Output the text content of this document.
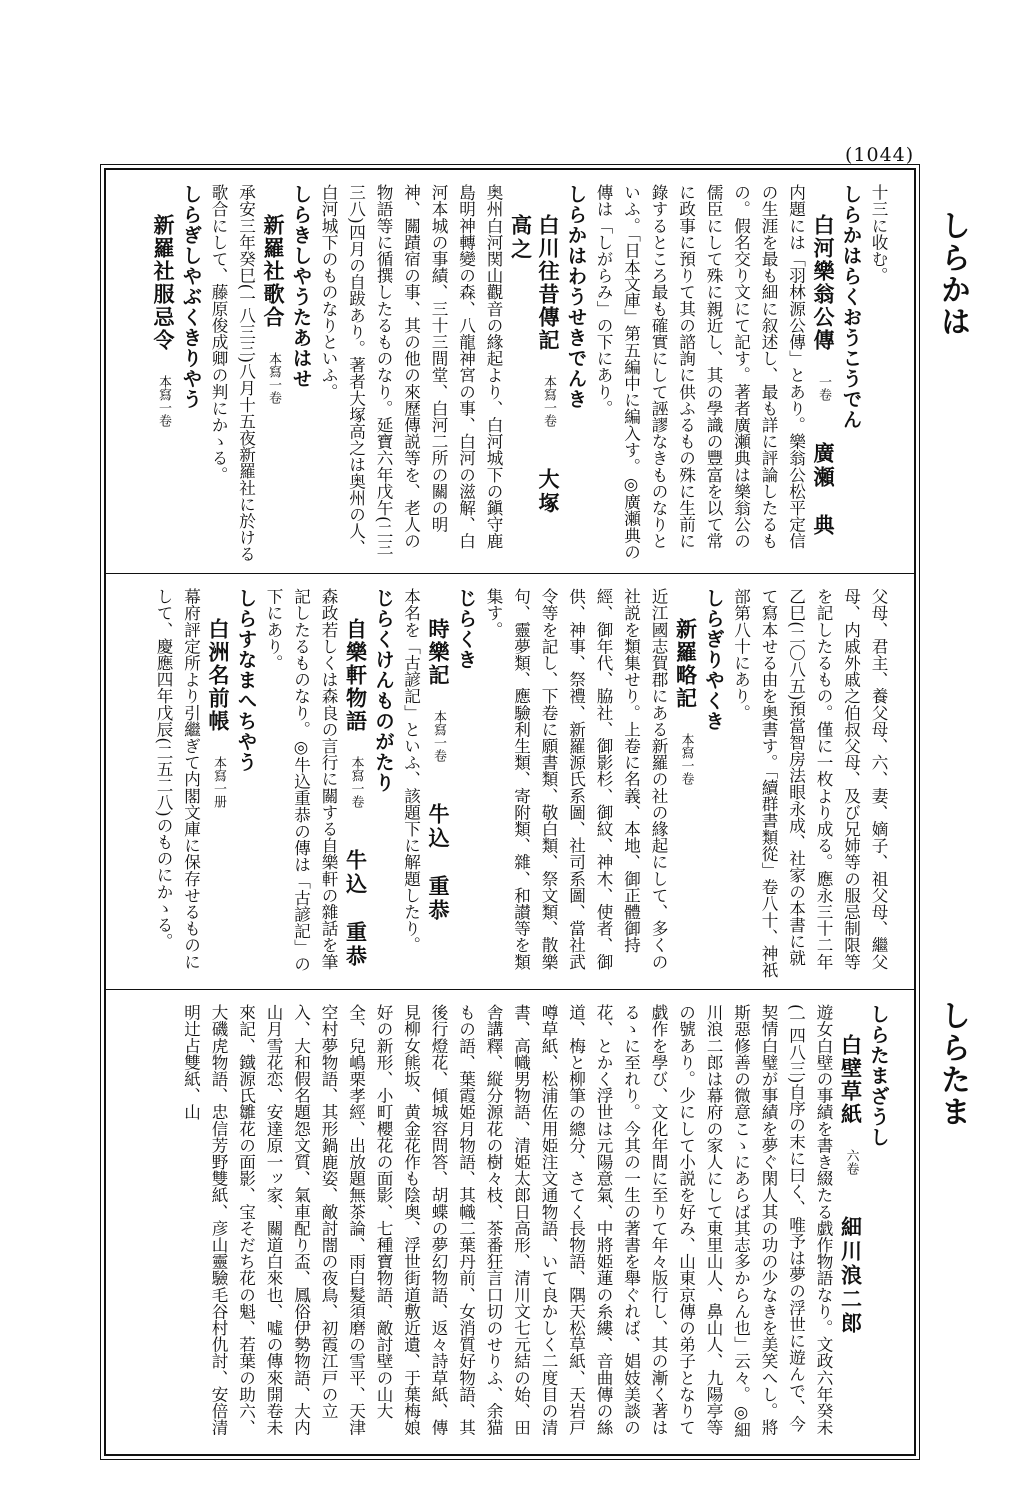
(1044)
しらかは
しらたま
十三に收む。
しらかはらくおうこうでん
白河樂翁公傳 一卷 廣瀬　典
内題には「羽林源公傳」とあり。樂翁公松平定信の生涯を最も細に叙述し、最も詳に評論したるもの。假名交り文にて記す。著者廣瀬典は樂翁公の儒臣にして殊に親近し、其の學識の豐富を以て常に政事に預りて其の諮詢に供ふるもの殊に生前に錄するところ最も確實にして誣謬なきものなりといふ。「日本文庫」第五編中に編入す。◎廣瀬典の傳は「しがらみ」の下にあり。
しらかはわうせきでんき
白川往昔傳記 本寫一卷 大塚　高之
奥州白河関山觀音の緣起より、白河城下の鎭守鹿島明神轉變の森、八龍神宮の事、白河の滋解、白河本城の事績、三十三間堂、白河二所の關の明神、關蹟宿の事、其の他の來歷傳説等を、老人の物語等に循撰したるものなり。延寶六年戊午(二三三八)四月の自跋あり。著者大塚高之は奥州の人、白河城下のものなりといふ。
しらきしやうたあはせ
新羅社歌合 本寫一卷
承安三年癸巳(一八三三)八月十五夜新羅社に於ける歌合にして、藤原俊成卿の判にかゝる。
しらぎしやぶくきりやう
新羅社服忌令 本寫一卷
父母、君主、養父母、六、妻、嫡子、祖父母、繼父母、内戚外戚之伯叔父母、及び兄姉等の服忌制限等を記したるもの。僅に一枚より成る。應永三十二年乙巳(二〇八五)預當智房法眼永成、社家の本書に就て寫本せる由を奥書す。「續群書類從」卷八十、神祇部第八十にあり。
しらぎりやくき
新羅略記 本寫一卷
近江國志賀郡にある新羅の社の緣起にして、多くの社説を類集せり。上卷に名義、本地、御正體御持經、御年代、脇社、御影杉、御紋、神木、使者、御供、神事、祭禮、新羅源氏系圖、社司系圖、當社武令等を記し、下卷に願書類、敬白類、祭文類、散樂句、靈夢類、應驗利生類、寄附類、雜、和讃等を類集す。
じらくき
時樂記 本寫一卷 牛込　重恭
本名を「古諺記」といふ、該題下に解題したり。
じらくけんものがたり
自樂軒物語 本寫一卷 牛込　重恭
森政若しくは森良の言行に關する自樂軒の雜話を筆記したるものなり。◎牛込重恭の傳は「古諺記」の下にあり。
しらすなまへちやう
白洲名前帳 本寫一册
幕府評定所より引繼ぎて内閣文庫に保存せるものにして、慶應四年戊辰(二五二八)のものにかゝる。
しらたまざうし
白壁草紙 六卷 細川浪二郎
遊女白壁の事績を書き綴たる戯作物語なり。文政六年癸未(一四八三)自序の末に曰く、唯予は夢の浮世に遊んで、今契情白璧が事績を夢ぐ閑人其の功の少なきを美笑へし。將斯惡修善の微意こゝにあらば其志多からん也」云々。◎細川浪二郎は幕府の家人にして東里山人、鼻山人、九陽亭等の號あり。少にして小説を好み、山東京傳の弟子となりて戯作を學び、文化年間に至りて年々版行し、其の漸く著はるゝに至れり。今其の一生の著書を舉ぐれば、娼妓美談の花、とかく浮世は元陽意氣、中將姫蓮の糸縷、音曲傳の絲道、梅と柳筆の總分、さてく長物語、隅天松草紙、天岩戸噂草紙、松浦佐用姫注文通物語、いて良かしく二度目の清書、高幟男物語、清姫太郎日高形、清川文七元結の始、田舎講釋、縦分源花の樹々枝、茶番狂言口切のせりふ、余猫もの語、葉霞姫月物語、其幟二葉丹前、女消質好物語、其後行燈花、傾城容問答、胡蝶の夢幻物語、返々詩草紙、傳見柳女熊坂、黄金花作も陰奥、浮世街道敷近遺、于葉梅娘好の新形、小町櫻花の面影、七種寶物語、敵討壁の山大全、兒嶋栗孝經、出放題無茶論、雨白髮須磨の雪平、天津空村夢物語、其形鍋鹿姿、敵討闇の夜鳥、初霞江戸の立入、大和假名題怨文質、氣車配り盃、鳳俗伊勢物語、大内山月雪花恋、安達原一ッ家、關道白來也、噓の傳來開卷未來記、鐡源氏雛花の面影、宝そだち花の魁、若葉の助六、大磯虎物語、忠信芳野雙紙、彦山靈驗毛谷村仇討、安倍清明辻占雙紙、山
